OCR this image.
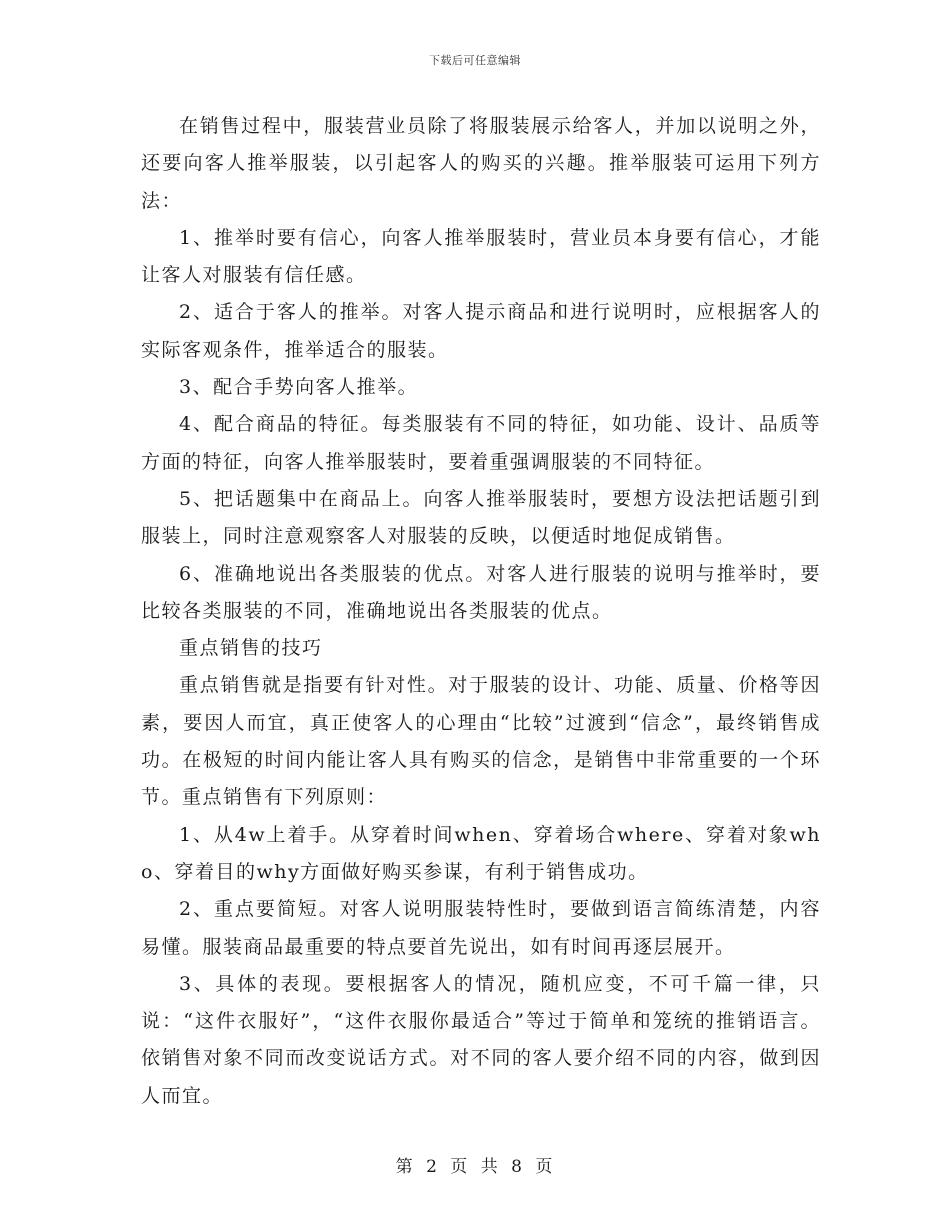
下载后可任意编辑

在销售过程中，服装营业员除了将服装展示给客人，并加以说明之外，还要向客人推举服装，以引起客人的购买的兴趣。推举服装可运用下列方法：

1、推举时要有信心，向客人推举服装时，营业员本身要有信心，才能让客人对服装有信任感。

2、适合于客人的推举。对客人提示商品和进行说明时，应根据客人的实际客观条件，推举适合的服装。

3、配合手势向客人推举。

4、配合商品的特征。每类服装有不同的特征，如功能、设计、品质等方面的特征，向客人推举服装时，要着重强调服装的不同特征。

5、把话题集中在商品上。向客人推举服装时，要想方设法把话题引到服装上，同时注意观察客人对服装的反映，以便适时地促成销售。

6、准确地说出各类服装的优点。对客人进行服装的说明与推举时，要比较各类服装的不同，准确地说出各类服装的优点。

重点销售的技巧

重点销售就是指要有针对性。对于服装的设计、功能、质量、价格等因素，要因人而宜，真正使客人的心理由“比较”过渡到“信念”，最终销售成功。在极短的时间内能让客人具有购买的信念，是销售中非常重要的一个环节。重点销售有下列原则：

1、从4w上着手。从穿着时间when、穿着场合where、穿着对象who、穿着目的why方面做好购买参谋，有利于销售成功。

2、重点要简短。对客人说明服装特性时，要做到语言简练清楚，内容易懂。服装商品最重要的特点要首先说出，如有时间再逐层展开。

3、具体的表现。要根据客人的情况，随机应变，不可千篇一律，只说：“这件衣服好”，“这件衣服你最适合”等过于简单和笼统的推销语言。依销售对象不同而改变说话方式。对不同的客人要介绍不同的内容，做到因人而宜。

第 2 页 共 8 页
